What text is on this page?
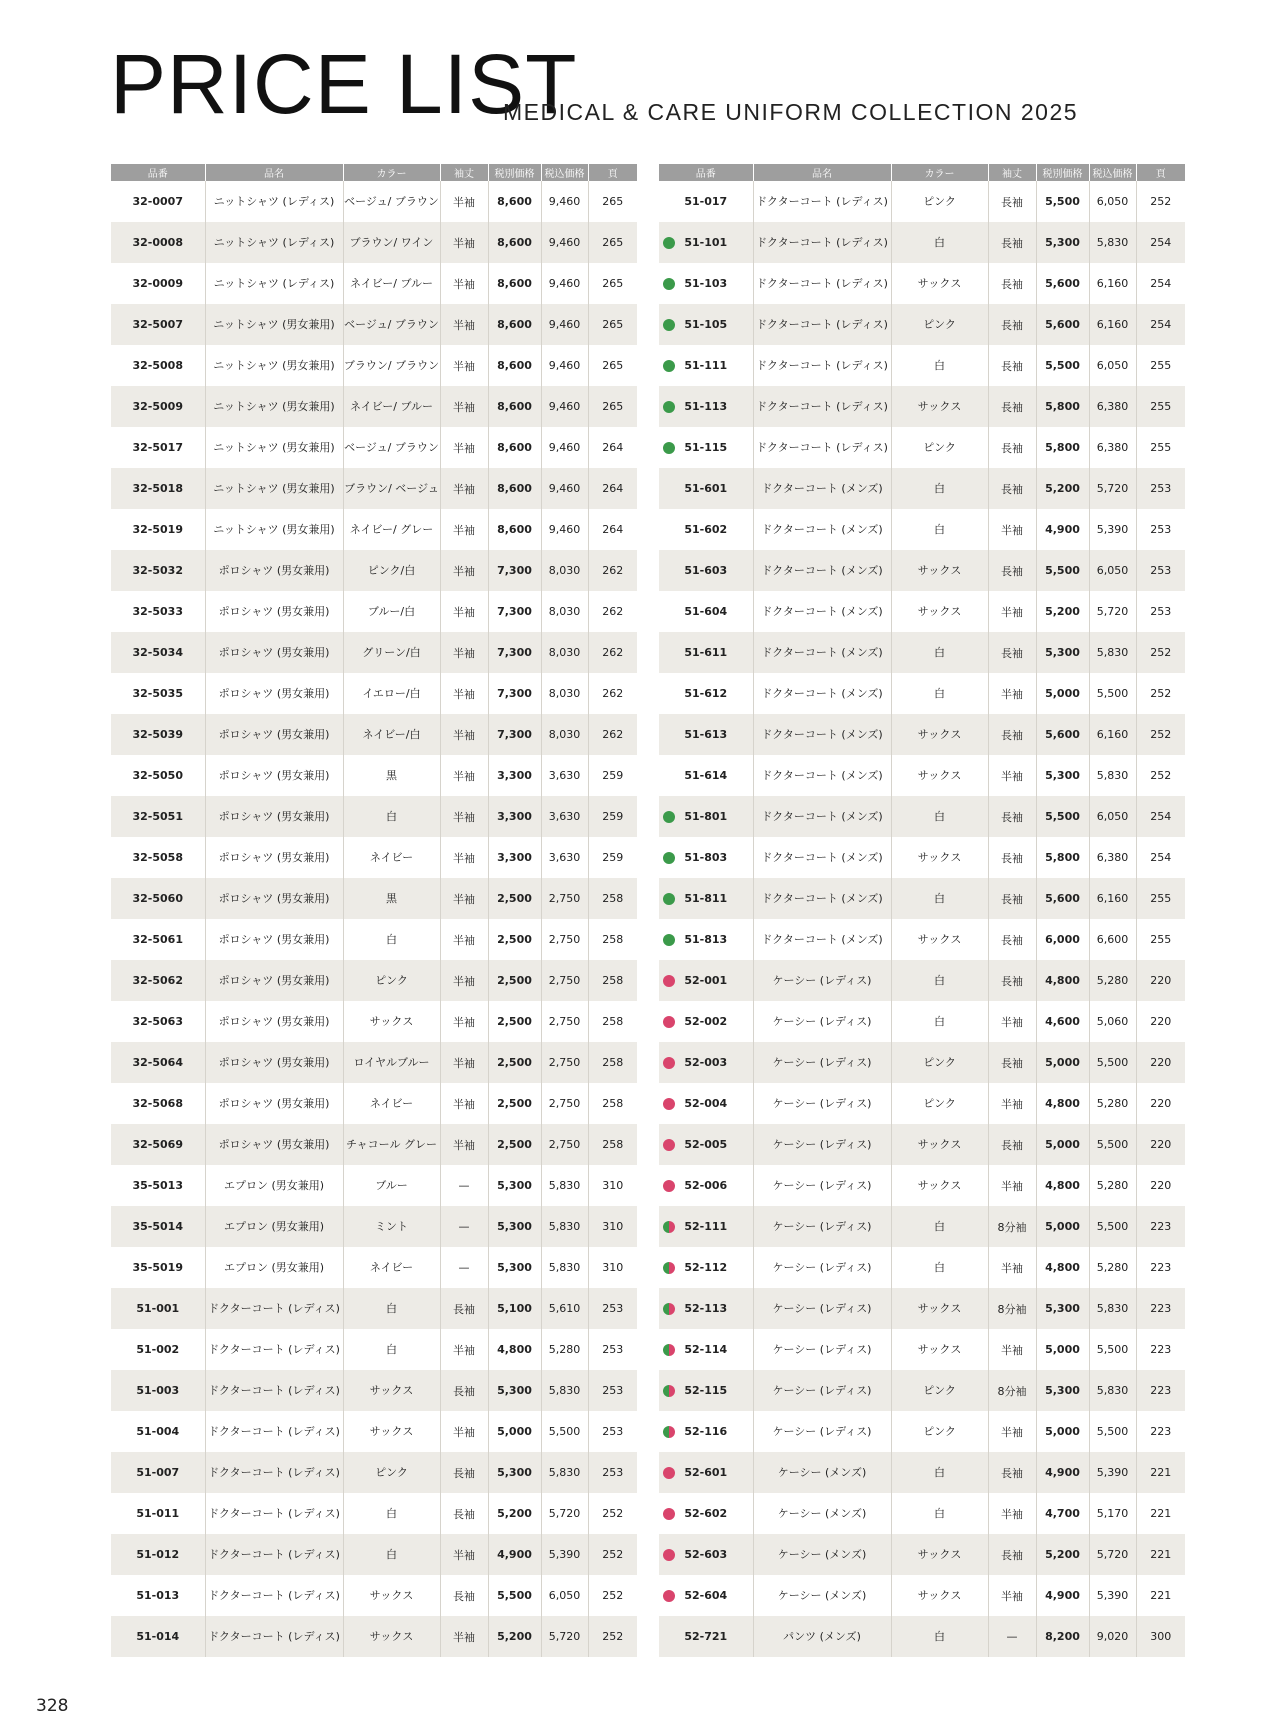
PRICE LIST
MEDICAL & CARE UNIFORM COLLECTION 2025
品番	品名	カラー	袖丈	税別価格	税込価格	頁
32-0007	ニットシャツ (レディス)	ベージュ/ ブラウン	半袖	8,600	9,460	265
32-0008	ニットシャツ (レディス)	ブラウン/ ワイン	半袖	8,600	9,460	265
32-0009	ニットシャツ (レディス)	ネイビー/ ブルー	半袖	8,600	9,460	265
32-5007	ニットシャツ (男女兼用)	ベージュ/ ブラウン	半袖	8,600	9,460	265
32-5008	ニットシャツ (男女兼用)	ブラウン/ ブラウン	半袖	8,600	9,460	265
32-5009	ニットシャツ (男女兼用)	ネイビー/ ブルー	半袖	8,600	9,460	265
32-5017	ニットシャツ (男女兼用)	ベージュ/ ブラウン	半袖	8,600	9,460	264
32-5018	ニットシャツ (男女兼用)	ブラウン/ ベージュ	半袖	8,600	9,460	264
32-5019	ニットシャツ (男女兼用)	ネイビー/ グレー	半袖	8,600	9,460	264
32-5032	ポロシャツ (男女兼用)	ピンク/白	半袖	7,300	8,030	262
32-5033	ポロシャツ (男女兼用)	ブルー/白	半袖	7,300	8,030	262
32-5034	ポロシャツ (男女兼用)	グリーン/白	半袖	7,300	8,030	262
32-5035	ポロシャツ (男女兼用)	イエロー/白	半袖	7,300	8,030	262
32-5039	ポロシャツ (男女兼用)	ネイビー/白	半袖	7,300	8,030	262
32-5050	ポロシャツ (男女兼用)	黒	半袖	3,300	3,630	259
32-5051	ポロシャツ (男女兼用)	白	半袖	3,300	3,630	259
32-5058	ポロシャツ (男女兼用)	ネイビー	半袖	3,300	3,630	259
32-5060	ポロシャツ (男女兼用)	黒	半袖	2,500	2,750	258
32-5061	ポロシャツ (男女兼用)	白	半袖	2,500	2,750	258
32-5062	ポロシャツ (男女兼用)	ピンク	半袖	2,500	2,750	258
32-5063	ポロシャツ (男女兼用)	サックス	半袖	2,500	2,750	258
32-5064	ポロシャツ (男女兼用)	ロイヤルブルー	半袖	2,500	2,750	258
32-5068	ポロシャツ (男女兼用)	ネイビー	半袖	2,500	2,750	258
32-5069	ポロシャツ (男女兼用)	チャコール グレー	半袖	2,500	2,750	258
35-5013	エプロン (男女兼用)	ブルー	—	5,300	5,830	310
35-5014	エプロン (男女兼用)	ミント	—	5,300	5,830	310
35-5019	エプロン (男女兼用)	ネイビー	—	5,300	5,830	310
51-001	ドクターコート (レディス)	白	長袖	5,100	5,610	253
51-002	ドクターコート (レディス)	白	半袖	4,800	5,280	253
51-003	ドクターコート (レディス)	サックス	長袖	5,300	5,830	253
51-004	ドクターコート (レディス)	サックス	半袖	5,000	5,500	253
51-007	ドクターコート (レディス)	ピンク	長袖	5,300	5,830	253
51-011	ドクターコート (レディス)	白	長袖	5,200	5,720	252
51-012	ドクターコート (レディス)	白	半袖	4,900	5,390	252
51-013	ドクターコート (レディス)	サックス	長袖	5,500	6,050	252
51-014	ドクターコート (レディス)	サックス	半袖	5,200	5,720	252
品番	品名	カラー	袖丈	税別価格	税込価格	頁
51-017	ドクターコート (レディス)	ピンク	長袖	5,500	6,050	252

51-101	ドクターコート (レディス)	白	長袖	5,300	5,830	254

51-103	ドクターコート (レディス)	サックス	長袖	5,600	6,160	254

51-105	ドクターコート (レディス)	ピンク	長袖	5,600	6,160	254

51-111	ドクターコート (レディス)	白	長袖	5,500	6,050	255

51-113	ドクターコート (レディス)	サックス	長袖	5,800	6,380	255

51-115	ドクターコート (レディス)	ピンク	長袖	5,800	6,380	255
51-601	ドクターコート (メンズ)	白	長袖	5,200	5,720	253
51-602	ドクターコート (メンズ)	白	半袖	4,900	5,390	253
51-603	ドクターコート (メンズ)	サックス	長袖	5,500	6,050	253
51-604	ドクターコート (メンズ)	サックス	半袖	5,200	5,720	253
51-611	ドクターコート (メンズ)	白	長袖	5,300	5,830	252
51-612	ドクターコート (メンズ)	白	半袖	5,000	5,500	252
51-613	ドクターコート (メンズ)	サックス	長袖	5,600	6,160	252
51-614	ドクターコート (メンズ)	サックス	半袖	5,300	5,830	252

51-801	ドクターコート (メンズ)	白	長袖	5,500	6,050	254

51-803	ドクターコート (メンズ)	サックス	長袖	5,800	6,380	254

51-811	ドクターコート (メンズ)	白	長袖	5,600	6,160	255

51-813	ドクターコート (メンズ)	サックス	長袖	6,000	6,600	255

52-001	ケーシー (レディス)	白	長袖	4,800	5,280	220

52-002	ケーシー (レディス)	白	半袖	4,600	5,060	220

52-003	ケーシー (レディス)	ピンク	長袖	5,000	5,500	220

52-004	ケーシー (レディス)	ピンク	半袖	4,800	5,280	220

52-005	ケーシー (レディス)	サックス	長袖	5,000	5,500	220

52-006	ケーシー (レディス)	サックス	半袖	4,800	5,280	220

52-111	ケーシー (レディス)	白	8分袖	5,000	5,500	223

52-112	ケーシー (レディス)	白	半袖	4,800	5,280	223

52-113	ケーシー (レディス)	サックス	8分袖	5,300	5,830	223

52-114	ケーシー (レディス)	サックス	半袖	5,000	5,500	223

52-115	ケーシー (レディス)	ピンク	8分袖	5,300	5,830	223

52-116	ケーシー (レディス)	ピンク	半袖	5,000	5,500	223

52-601	ケーシー (メンズ)	白	長袖	4,900	5,390	221

52-602	ケーシー (メンズ)	白	半袖	4,700	5,170	221

52-603	ケーシー (メンズ)	サックス	長袖	5,200	5,720	221

52-604	ケーシー (メンズ)	サックス	半袖	4,900	5,390	221
52-721	パンツ (メンズ)	白	—	8,200	9,020	300
328
